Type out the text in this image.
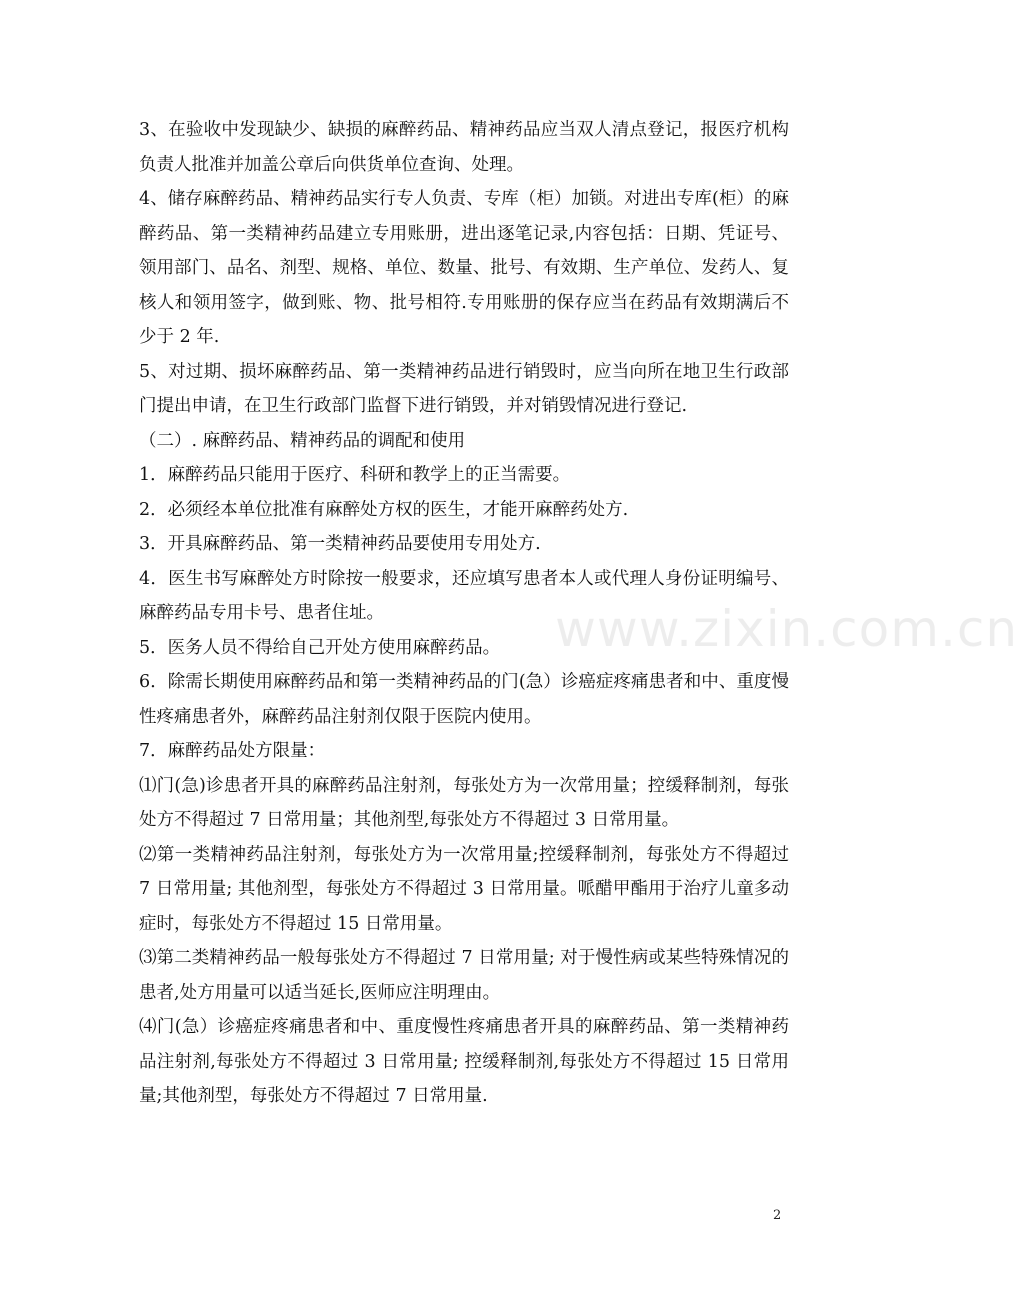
3、在验收中发现缺少、缺损的麻醉药品、精神药品应当双人清点登记，报医疗机构负责人批准并加盖公章后向供货单位查询、处理。

4、储存麻醉药品、精神药品实行专人负责、专库（柜）加锁。对进出专库(柜）的麻醉药品、第一类精神药品建立专用账册，进出逐笔记录,内容包括：日期、凭证号、领用部门、品名、剂型、规格、单位、数量、批号、有效期、生产单位、发药人、复核人和领用签字，做到账、物、批号相符.专用账册的保存应当在药品有效期满后不少于 2 年.

5、对过期、损坏麻醉药品、第一类精神药品进行销毁时，应当向所在地卫生行政部门提出申请，在卫生行政部门监督下进行销毁，并对销毁情况进行登记.

（二）. 麻醉药品、精神药品的调配和使用

1．麻醉药品只能用于医疗、科研和教学上的正当需要。

2．必须经本单位批准有麻醉处方权的医生，才能开麻醉药处方.

3．开具麻醉药品、第一类精神药品要使用专用处方.

4．医生书写麻醉处方时除按一般要求，还应填写患者本人或代理人身份证明编号、麻醉药品专用卡号、患者住址。

5．医务人员不得给自己开处方使用麻醉药品。

6．除需长期使用麻醉药品和第一类精神药品的门(急）诊癌症疼痛患者和中、重度慢性疼痛患者外，麻醉药品注射剂仅限于医院内使用。

7．麻醉药品处方限量：

⑴门(急)诊患者开具的麻醉药品注射剂，每张处方为一次常用量；控缓释制剂，每张处方不得超过 7 日常用量；其他剂型,每张处方不得超过 3 日常用量。

⑵第一类精神药品注射剂，每张处方为一次常用量;控缓释制剂，每张处方不得超过 7 日常用量; 其他剂型，每张处方不得超过 3 日常用量。哌醋甲酯用于治疗儿童多动症时，每张处方不得超过 15 日常用量。

⑶第二类精神药品一般每张处方不得超过 7 日常用量; 对于慢性病或某些特殊情况的患者,处方用量可以适当延长,医师应注明理由。

⑷门(急）诊癌症疼痛患者和中、重度慢性疼痛患者开具的麻醉药品、第一类精神药品注射剂,每张处方不得超过 3 日常用量; 控缓释制剂,每张处方不得超过 15 日常用量;其他剂型，每张处方不得超过 7 日常用量.

www.zixin.com.cn
2
